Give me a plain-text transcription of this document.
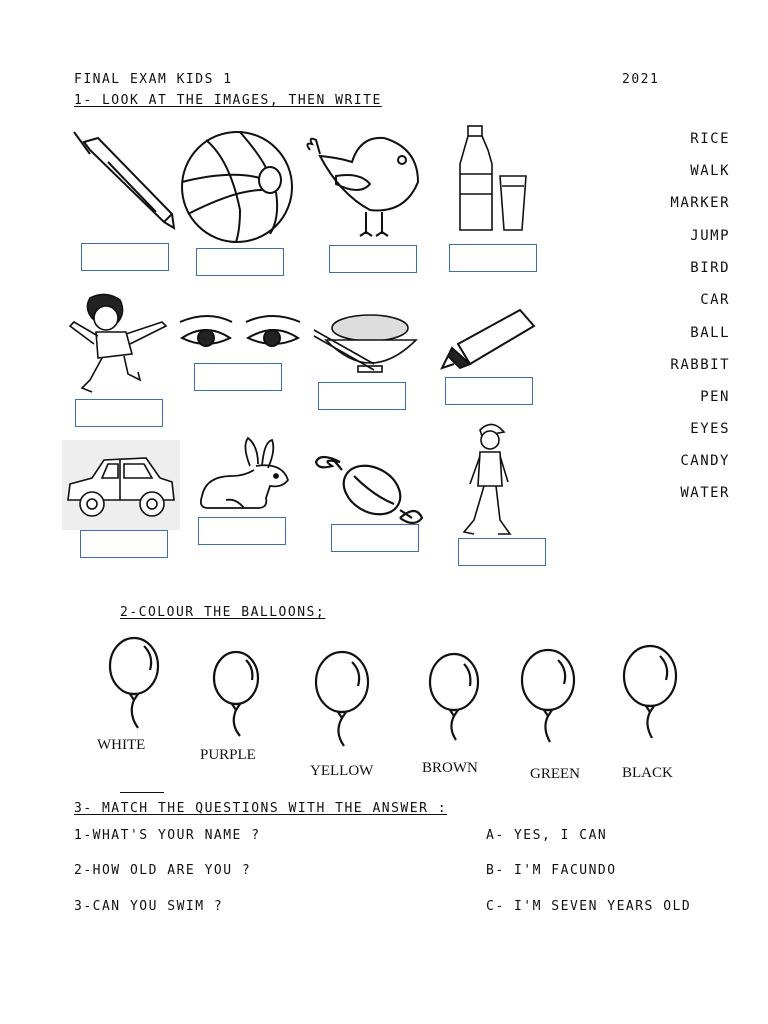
FINAL EXAM KIDS 1	2021
1- LOOK AT THE IMAGES, THEN WRITE
RICE
WALK
MARKER
JUMP
BIRD
CAR
BALL
RABBIT
PEN
EYES
CANDY
WATER
2-COLOUR THE BALLOONS;
WHITE
PURPLE
YELLOW	BROWN	GREEN	BLACK
3- MATCH THE QUESTIONS WITH THE ANSWER :
1-WHAT'S YOUR NAME ?
2-HOW OLD ARE YOU ?
3-CAN YOU SWIM ?
A- YES, I CAN
B- I'M FACUNDO
C- I'M SEVEN YEARS OLD
